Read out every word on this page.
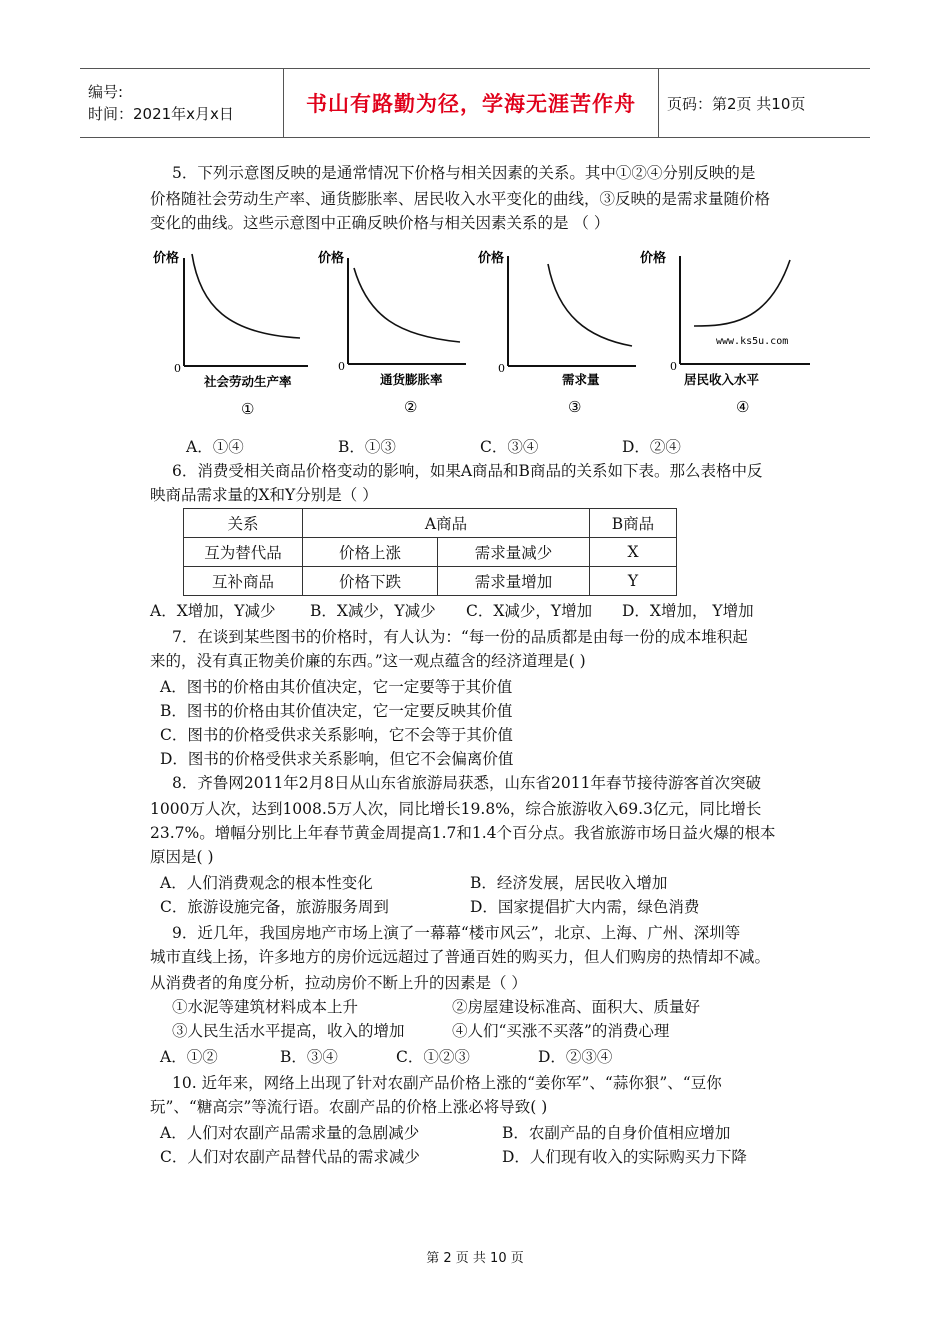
编号:
时间：2021年x月x日	书山有路勤为径，学海无涯苦作舟 页码：第2页 共10页
5．下列示意图反映的是通常情况下价格与相关因素的关系。其中①②④分别反映的是
价格随社会劳动生产率、通货膨胀率、居民收入水平变化的曲线，③反映的是需求量随价格
变化的曲线。这些示意图中正确反映价格与相关因素关系的是 （ ）
价格
0
社会劳动生产率
①
价格
0
通货膨胀率
②
价格
0
需求量
③
价格
www.ks5u.com
0
居民收入水平
④
A．①④	B．①③	C．③④	D．②④
6．消费受相关商品价格变动的影响，如果A商品和B商品的关系如下表。那么表格中反
映商品需求量的X和Y分别是（ ）
关系	A商品		B商品
互为替代品	价格上涨	需求量减少	X
互补商品	价格下跌	需求量增加	Y
A．X增加，Y减少 B．X减少，Y减少 C．X减少，Y增加 D．X增加， Y增加
7．在谈到某些图书的价格时，有人认为：“每一份的品质都是由每一份的成本堆积起
来的，没有真正物美价廉的东西。”这一观点蕴含的经济道理是( )
A．图书的价格由其价值决定，它一定要等于其价值
B．图书的价格由其价值决定，它一定要反映其价值
C．图书的价格受供求关系影响，它不会等于其价值
D．图书的价格受供求关系影响，但它不会偏离价值
8．齐鲁网2011年2月8日从山东省旅游局获悉，山东省2011年春节接待游客首次突破
1000万人次，达到1008.5万人次，同比增长19.8%，综合旅游收入69.3亿元，同比增长
23.7%。增幅分别比上年春节黄金周提高1.7和1.4个百分点。我省旅游市场日益火爆的根本
原因是( )
A．人们消费观念的根本性变化	B．经济发展，居民收入增加
C．旅游设施完备，旅游服务周到	D．国家提倡扩大内需，绿色消费
9．近几年，我国房地产市场上演了一幕幕“楼市风云”，北京、上海、广州、深圳等
城市直线上扬，许多地方的房价远远超过了普通百姓的购买力，但人们购房的热情却不减。
从消费者的角度分析，拉动房价不断上升的因素是（ ）
①水泥等建筑材料成本上升	②房屋建设标准高、面积大、质量好
③人民生活水平提高，收入的增加	④人们“买涨不买落”的消费心理
A．①②	B．③④	C．①②③	D．②③④
10. 近年来，网络上出现了针对农副产品价格上涨的“姜你军”、“蒜你狠”、“豆你
玩”、“糖高宗”等流行语。农副产品的价格上涨必将导致( )
A．人们对农副产品需求量的急剧减少	B．农副产品的自身价值相应增加
C．人们对农副产品替代品的需求减少	D．人们现有收入的实际购买力下降
第 2 页 共 10 页
